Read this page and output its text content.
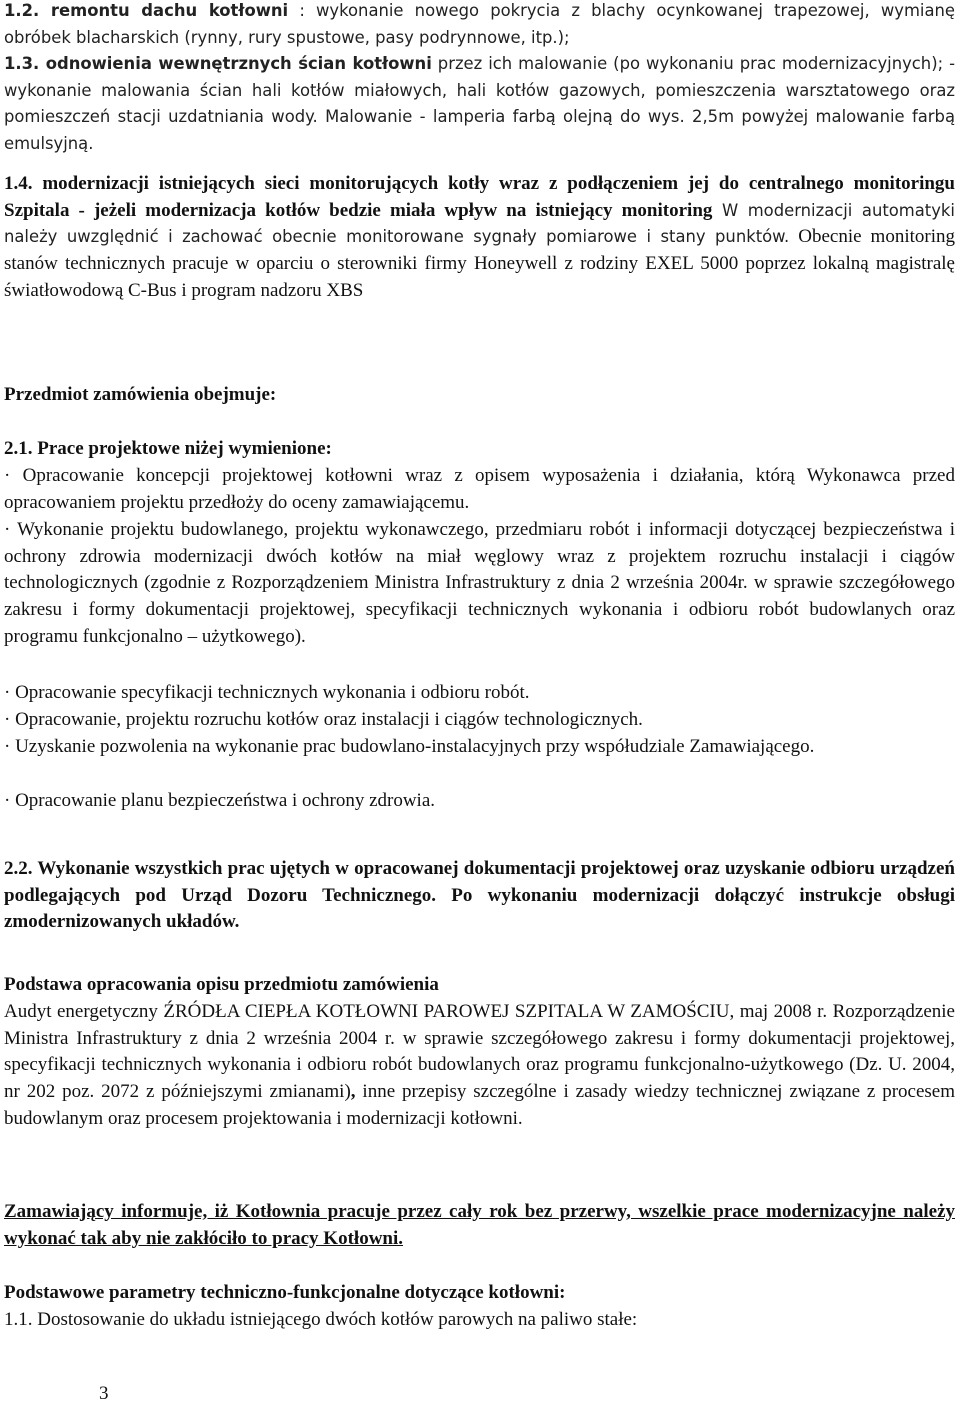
1.2. remontu dachu kotłowni : wykonanie nowego pokrycia z blachy ocynkowanej trapezowej, wymianę obróbek blacharskich (rynny, rury spustowe, pasy podrynnowe, itp.);
1.3. odnowienia wewnętrznych ścian kotłowni przez ich malowanie (po wykonaniu prac modernizacyjnych); - wykonanie malowania ścian hali kotłów miałowych, hali kotłów gazowych, pomieszczenia warsztatowego oraz pomieszczeń stacji uzdatniania wody. Malowanie - lamperia farbą olejną do wys. 2,5m powyżej malowanie farbą emulsyjną.
1.4. modernizacji istniejących sieci monitorujących kotły wraz z podłączeniem jej do centralnego monitoringu Szpitala - jeżeli modernizacja kotłów bedzie miała wpływ na istniejący monitoring W modernizacji automatyki należy uwzględnić i zachować obecnie monitorowane sygnały pomiarowe i stany punktów. Obecnie monitoring stanów technicznych pracuje w oparciu o sterowniki firmy Honeywell z rodziny EXEL 5000 poprzez lokalną magistralę światłowodową C-Bus i program nadzoru XBS
Przedmiot zamówienia obejmuje:
2.1. Prace projektowe niżej wymienione:
· Opracowanie koncepcji projektowej kotłowni wraz z opisem wyposażenia i działania, którą Wykonawca przed opracowaniem projektu przedłoży do oceny zamawiającemu.
· Wykonanie projektu budowlanego, projektu wykonawczego, przedmiaru robót i informacji dotyczącej bezpieczeństwa i ochrony zdrowia modernizacji dwóch kotłów na miał węglowy wraz z projektem rozruchu instalacji i ciągów technologicznych (zgodnie z Rozporządzeniem Ministra Infrastruktury z dnia 2 września 2004r. w sprawie szczegółowego zakresu i formy dokumentacji projektowej, specyfikacji technicznych wykonania i odbioru robót budowlanych oraz programu funkcjonalno – użytkowego).
· Opracowanie specyfikacji technicznych wykonania i odbioru robót.
· Opracowanie, projektu rozruchu kotłów oraz instalacji i ciągów technologicznych.
· Uzyskanie pozwolenia na wykonanie prac budowlano-instalacyjnych przy współudziale Zamawiającego.
· Opracowanie planu bezpieczeństwa i ochrony zdrowia.
2.2. Wykonanie wszystkich prac ujętych w opracowanej dokumentacji projektowej oraz uzyskanie odbioru urządzeń podlegających pod Urząd Dozoru Technicznego. Po wykonaniu modernizacji dołączyć instrukcje obsługi zmodernizowanych układów.
Podstawa opracowania opisu przedmiotu zamówienia
Audyt energetyczny ŹRÓDŁA CIEPŁA KOTŁOWNI PAROWEJ SZPITALA W ZAMOŚCIU, maj 2008 r. Rozporządzenie Ministra Infrastruktury z dnia 2 września 2004 r. w sprawie szczegółowego zakresu i formy dokumentacji projektowej, specyfikacji technicznych wykonania i odbioru robót budowlanych oraz programu funkcjonalno-użytkowego (Dz. U. 2004, nr 202 poz. 2072 z późniejszymi zmianami), inne przepisy szczególne i zasady wiedzy technicznej związane z procesem budowlanym oraz procesem projektowania i modernizacji kotłowni.
Zamawiający informuje, iż Kotłownia pracuje przez cały rok bez przerwy, wszelkie prace modernizacyjne należy wykonać tak aby nie zakłóciło to pracy Kotłowni.
Podstawowe parametry techniczno-funkcjonalne dotyczące kotłowni:
1.1. Dostosowanie do układu istniejącego dwóch kotłów parowych na paliwo stałe:
3
